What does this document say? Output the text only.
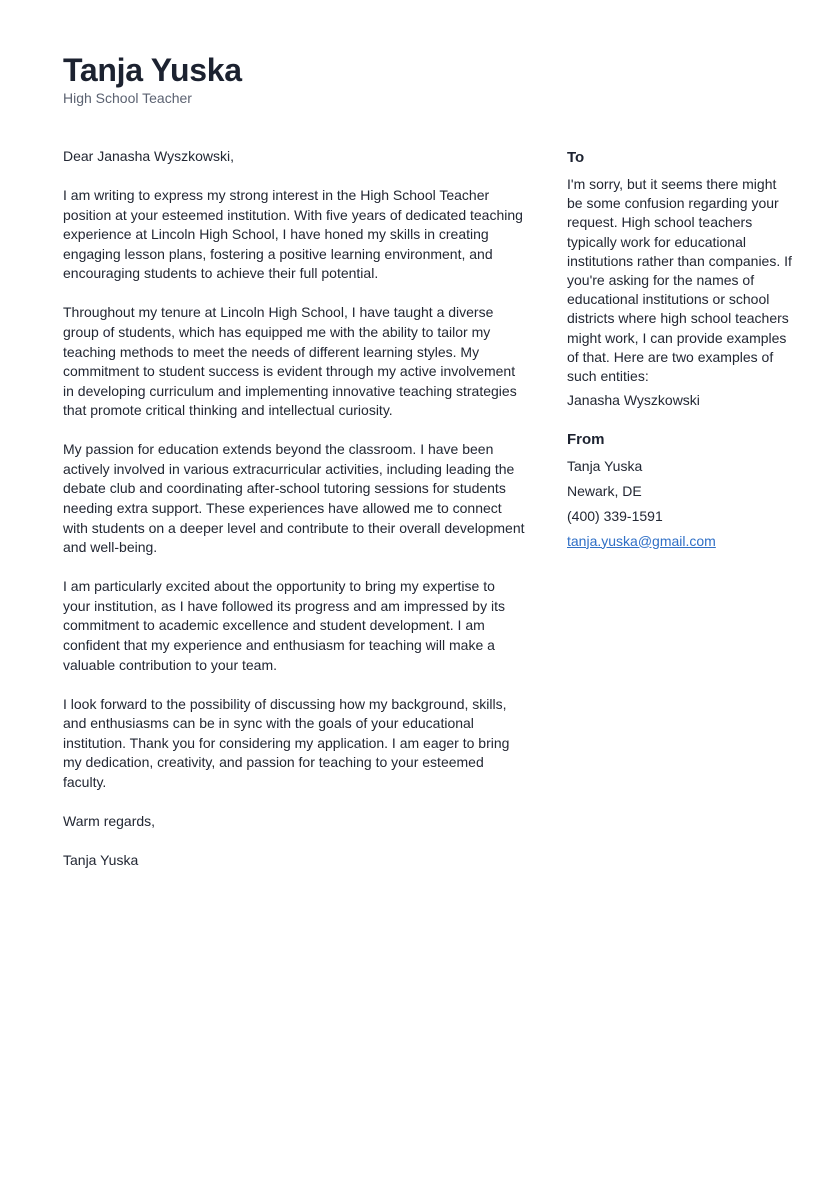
Tanja Yuska
High School Teacher

Dear Janasha Wyszkowski,

I am writing to express my strong interest in the High School Teacher position at your esteemed institution. With five years of dedicated teaching experience at Lincoln High School, I have honed my skills in creating engaging lesson plans, fostering a positive learning environment, and encouraging students to achieve their full potential.

Throughout my tenure at Lincoln High School, I have taught a diverse group of students, which has equipped me with the ability to tailor my teaching methods to meet the needs of different learning styles. My commitment to student success is evident through my active involvement in developing curriculum and implementing innovative teaching strategies that promote critical thinking and intellectual curiosity.

My passion for education extends beyond the classroom. I have been actively involved in various extracurricular activities, including leading the debate club and coordinating after-school tutoring sessions for students needing extra support. These experiences have allowed me to connect with students on a deeper level and contribute to their overall development and well-being.

I am particularly excited about the opportunity to bring my expertise to your institution, as I have followed its progress and am impressed by its commitment to academic excellence and student development. I am confident that my experience and enthusiasm for teaching will make a valuable contribution to your team.

I look forward to the possibility of discussing how my background, skills, and enthusiasms can be in sync with the goals of your educational institution. Thank you for considering my application. I am eager to bring my dedication, creativity, and passion for teaching to your esteemed faculty.

Warm regards,

Tanja Yuska

To
I'm sorry, but it seems there might be some confusion regarding your request. High school teachers typically work for educational institutions rather than companies. If you're asking for the names of educational institutions or school districts where high school teachers might work, I can provide examples of that. Here are two examples of such entities:
Janasha Wyszkowski
From
Tanja Yuska
Newark, DE
(400) 339-1591
tanja.yuska@gmail.com
